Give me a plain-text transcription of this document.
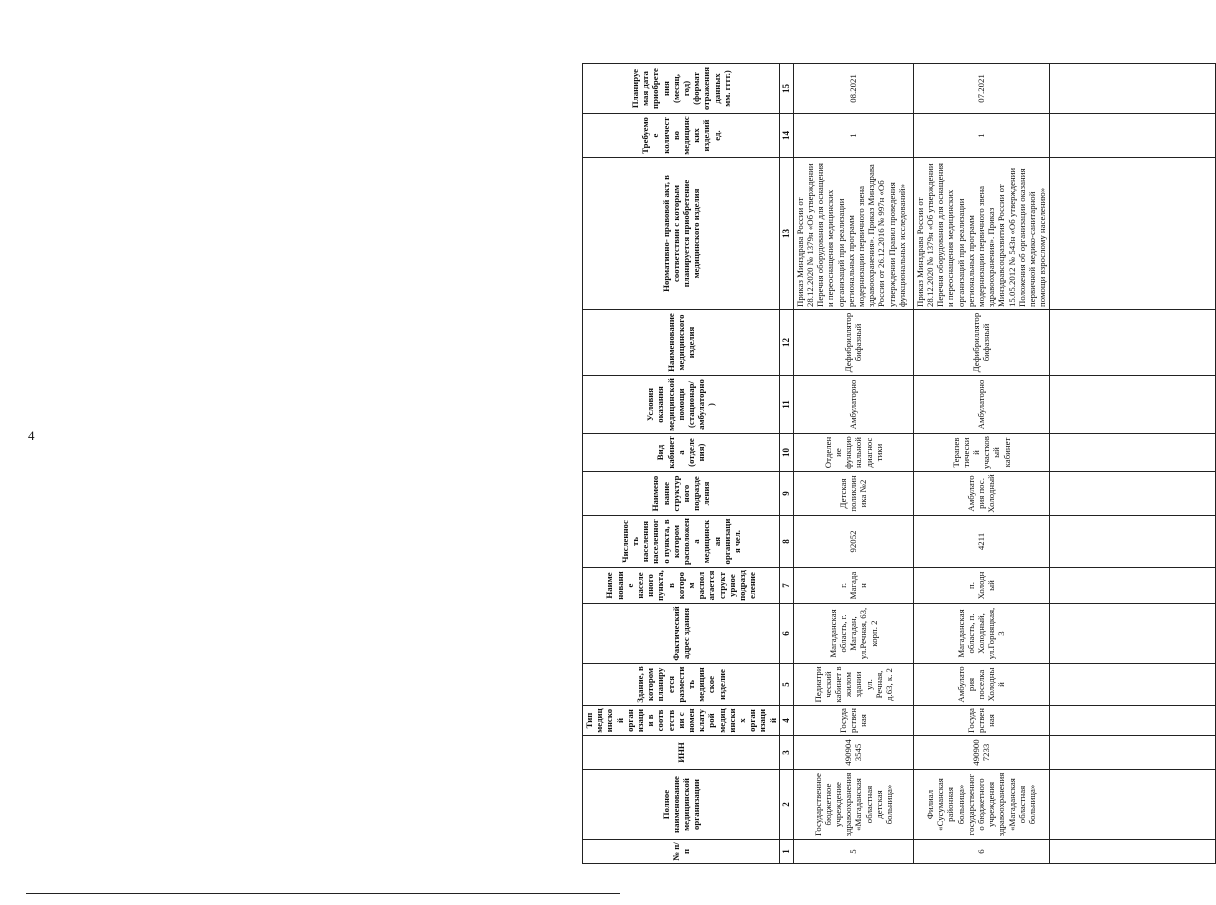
4
№ п/п	Полное наименование медицинской организации	ИНН	Тип медицинской организации в соответствии с номенклатурой медицинских организаций	Здание, в котором планируется разместить медицинское изделие	Фактический адрес здания	Наименование населенного пункта, в котором располагается структурное подразделение	Численность населения населенного пункта, в котором расположена медицинская организация чел.	Наименование структурного подразделения	Вид кабинета (отделения)	Условия оказания медицинской помощи (стационар/амбулаторно)	Наименование медицинского изделия	Нормативно- правовой акт, в соответствии с которым планируется приобретение медицинского изделия	Требуемое количество медицинских изделий ед.	Планируемая дата приобретения (месяц, год) (формат отражения данных мм. гггг.)
1	2	3	4	5	6	7	8	9	10	11	12	13	14	15
5	Государственное бюджетное учреждение здравоохранения «Магаданская областная детская больница»	4909043545	Государственная	Педиатрический кабинет в жилом здании ул. Речная, д.63, к. 2	Магаданская область, г. Магадан, ул.Речная, 63, корп. 2	г. Магадан	92052	Детская поликлиника №2	Отделение функциональной диагностики	Амбулаторно	Дефибриллятор бифазный	Приказ Минздрава России от 28.12.2020 № 1379н «Об утверждении Перечня оборудования для оснащения и переоснащения медицинских организаций при реализации региональных программ модернизации первичного звена здравоохранения». Приказ Минздрава России от 26.12.2016 № 997н «Об утверждении Правил проведения функциональных исследований»	1	08.2021
6	Филиал «Сусуманская районная больница» государственного бюджетного учреждения здравоохранения «Магаданская областная больница»	4909007233	Государственная	Амбулатория поселка Холодный	Магаданская область, п. Холодный, ул.Горняцкая, 3	п. Холодный	4211	Амбулатория пос. Холодный	Терапевтический участковый кабинет	Амбулаторно	Дефибриллятор бифазный	Приказ Минздрава России от 28.12.2020 № 1379н «Об утверждении Перечня оборудования для оснащения и переоснащения медицинских организаций при реализации региональных программ модернизации первичного звена здравоохранения». Приказ Минздравсоцразвития России от 15.05.2012 № 543н «Об утверждении Положения об организации оказания первичной медико-санитарной помощи взрослому населению»	1	07.2021
